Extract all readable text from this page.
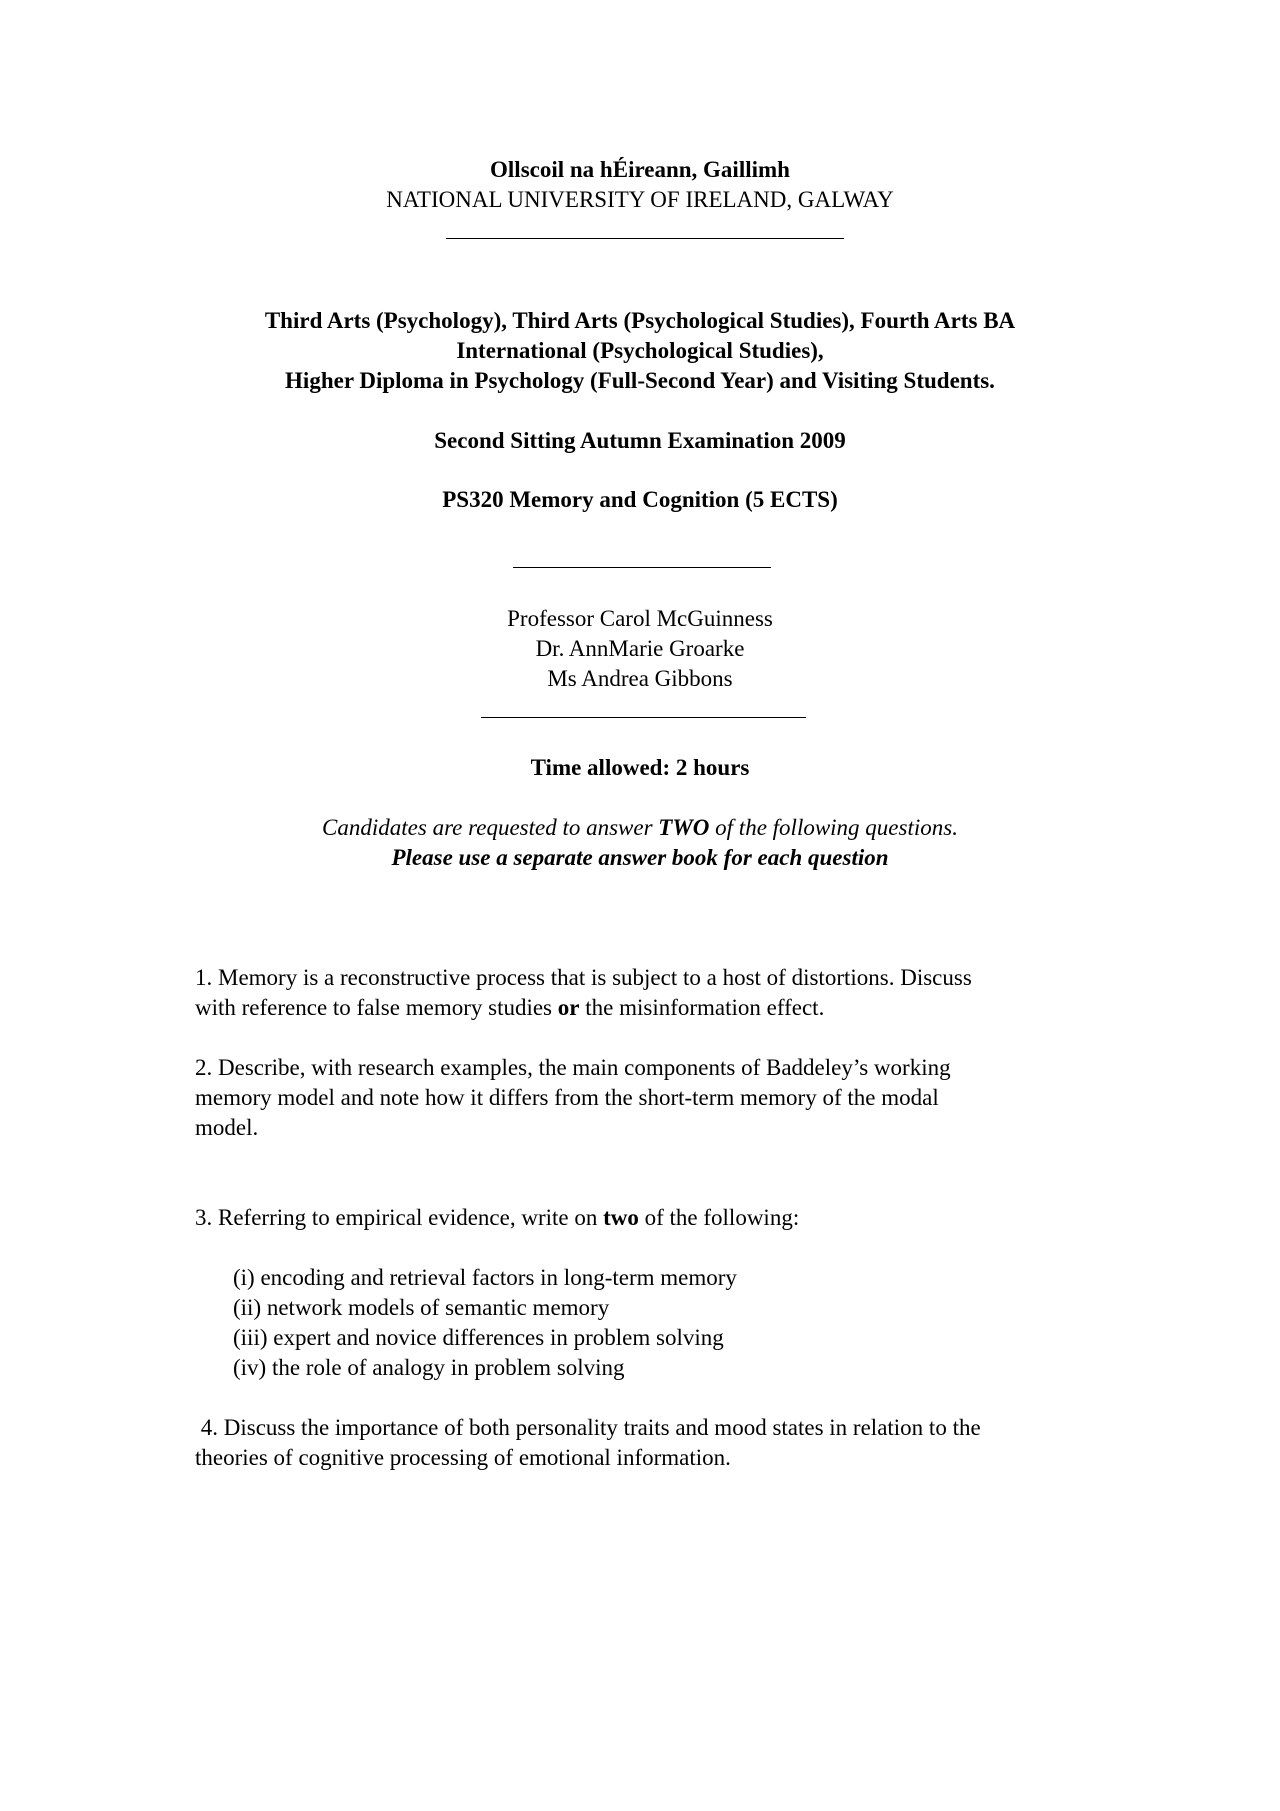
Ollscoil na hÉireann, Gaillimh
NATIONAL UNIVERSITY OF IRELAND, GALWAY
Third Arts (Psychology), Third Arts (Psychological Studies), Fourth Arts BA
International (Psychological Studies),
Higher Diploma in Psychology (Full-Second Year) and Visiting Students.
Second Sitting Autumn Examination 2009
PS320 Memory and Cognition (5 ECTS)
Professor Carol McGuinness
Dr. AnnMarie Groarke
Ms Andrea Gibbons
Time allowed: 2 hours
Candidates are requested to answer TWO of the following questions.
Please use a separate answer book for each question
1. Memory is a reconstructive process that is subject to a host of distortions. Discuss
with reference to false memory studies or the misinformation effect.
2. Describe, with research examples, the main components of Baddeley’s working
memory model and note how it differs from the short-term memory of the modal
model.
3. Referring to empirical evidence, write on two of the following:
(i) encoding and retrieval factors in long-term memory
(ii) network models of semantic memory
(iii) expert and novice differences in problem solving
(iv) the role of analogy in problem solving
4. Discuss the importance of both personality traits and mood states in relation to the
theories of cognitive processing of emotional information.
